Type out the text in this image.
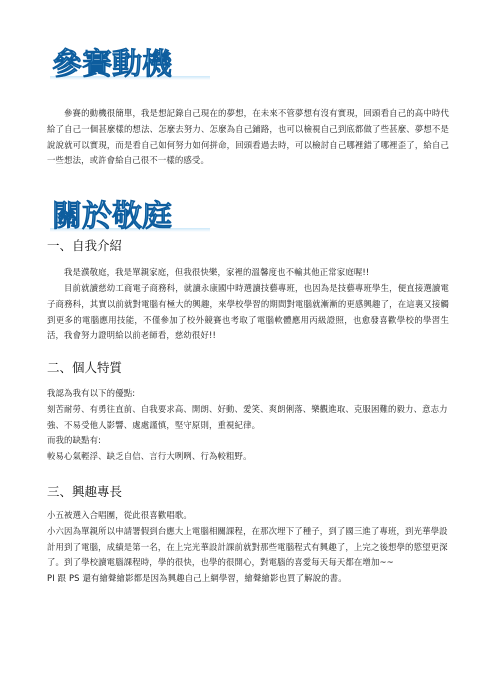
參賽動機

參賽的動機很簡單，我是想記錄自己現在的夢想，在未來不管夢想有沒有實現，回頭看自己的高中時代給了自己一個甚麼樣的想法、怎麼去努力、怎麼為自己鋪路，也可以檢視自己到底都做了些甚麼、夢想不是說說就可以實現，而是看自己如何努力如何拼命，回頭看過去時，可以檢討自己哪裡錯了哪裡歪了，給自己一些想法，或許會給自己很不一樣的感受。

關於敬庭
一、自我介紹

我是濮敬庭，我是單親家庭，但我很快樂，家裡的溫馨度也不輸其他正常家庭喔!!

目前就讀慈幼工商電子商務科，就讀永康國中時選讀技藝專班，也因為是技藝專班學生，便直接選讀電子商務科，其實以前就對電腦有極大的興趣，來學校學習的期間對電腦就漸漸的更感興趣了，在這裏又接觸到更多的電腦應用技能，不僅參加了校外競賽也考取了電腦軟體應用丙級證照，也愈發喜歡學校的學習生活，我會努力證明給以前老師看，慈幼很好!!

二、個人特質
我認為我有以下的優點:
刻苦耐勞、有勇往直前、自我要求高、開朗、好動、愛笑、爽朗俐落、樂觀進取、克服困難的毅力、意志力強、不易受他人影響、處處謹慎，堅守原則，重視紀律。
而我的缺點有:
較易心氣輕浮、缺乏自信、言行大咧咧、行為較粗野。
三、興趣專長
小五被選入合唱團，從此很喜歡唱歌。
小六因為單親所以申請署假到台應大上電腦相關課程，在那次埋下了種子，到了國三進了專班，到光華學設計用到了電腦，成績是第一名，在上完光華設計課前就對那些電腦程式有興趣了，上完之後想學的慾望更深了。到了學校讀電腦課程時，學的很快，也學的很開心，對電腦的喜愛每天每天都在增加~~
PI 跟 PS 還有繪聲繪影都是因為興趣自己上網學習，繪聲繪影也買了解說的書。
